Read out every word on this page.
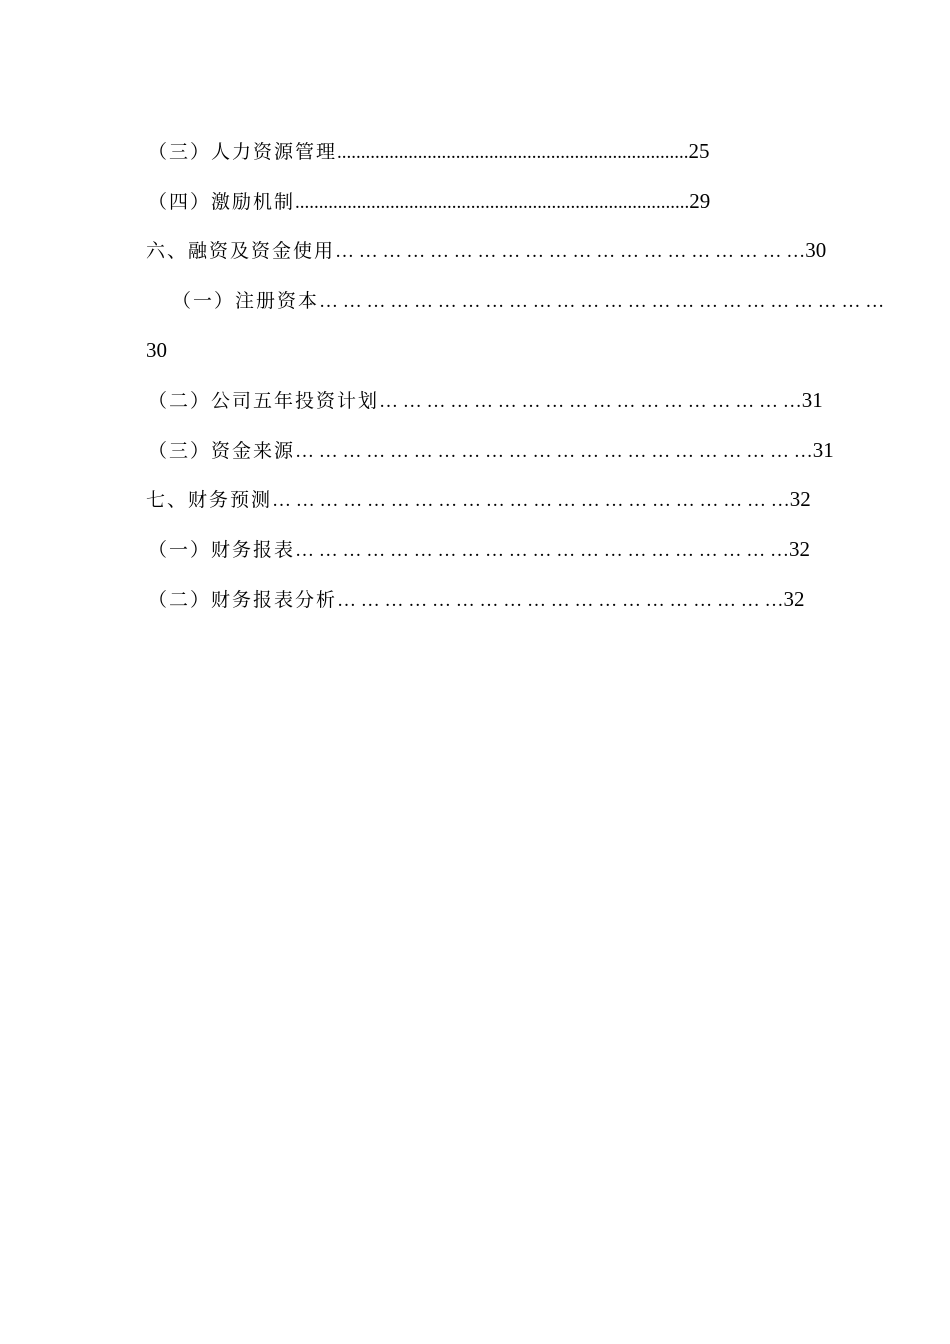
（三）人力资源管理..........................................................................25
（四）激励机制...................................................................................29
六、融资及资金使用… … … … … … … … … … … … … … … … … … … …30
（一）注册资本… … … … … … … … … … … … … … … … … … … … … … … …
30
（二）公司五年投资计划… … … … … … … … … … … … … … … … … …31
（三）资金来源… … … … … … … … … … … … … … … … … … … … … …31
七、财务预测… … … … … … … … … … … … … … … … … … … … … …32
（一）财务报表… … … … … … … … … … … … … … … … … … … … …32
（二）财务报表分析… … … … … … … … … … … … … … … … … … …32
